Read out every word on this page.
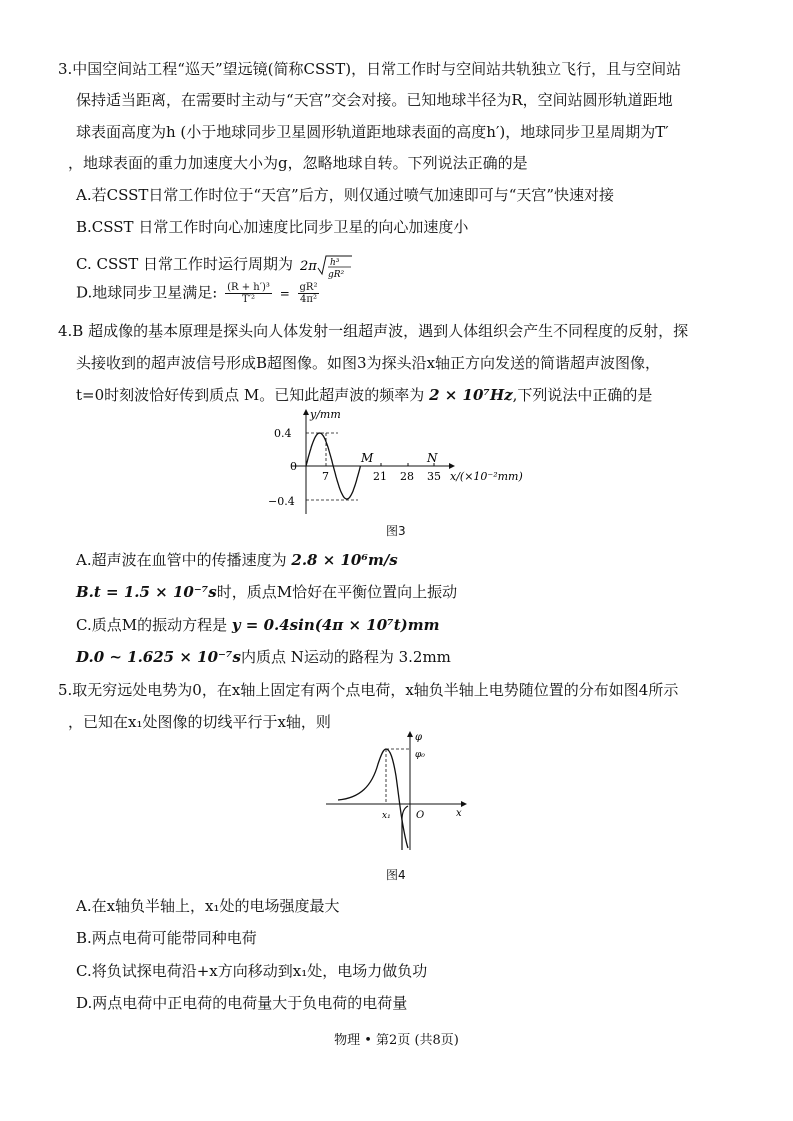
3.中国空间站工程“巡天”望远镜(简称CSST)，日常工作时与空间站共轨独立飞行，且与空间站
保持适当距离，在需要时主动与“天宫”交会对接。已知地球半径为R，空间站圆形轨道距地
球表面高度为h (小于地球同步卫星圆形轨道距地球表面的高度h′)，地球同步卫星周期为T′
，地球表面的重力加速度大小为g，忽略地球自转。下列说法正确的是
A.若CSST日常工作时位于“天宫”后方，则仅通过喷气加速即可与“天宫”快速对接
B.CSST 日常工作时向心加速度比同步卫星的向心加速度小
C. CSST 日常工作时运行周期为 2π h³
gR²
D.地球同步卫星满足: $\frac{\text{(R + h′)³}}{\text{T′²}} = \frac{\text{gR²}}{\text{4π²}}$
4.B 超成像的基本原理是探头向人体发射一组超声波，遇到人体组织会产生不同程度的反射，探
头接收到的超声波信号形成B超图像。如图3为探头沿x轴正方向发送的简谐超声波图像，
t=0时刻波恰好传到质点 M。已知此超声波的频率为 2 × 10⁷Hz,下列说法中正确的是
y/mm
0.4
0
−0.4
7	21 28 35
M	N
x/(×10⁻²mm)
图3
A.超声波在血管中的传播速度为 2.8 × 10⁶m/s
B.t = 1.5 × 10⁻⁷s时，质点M恰好在平衡位置向上振动
C.质点M的振动方程是 y = 0.4sin(4π × 10⁷t)mm
D.0 ~ 1.625 × 10⁻⁷s内质点 N运动的路程为 3.2mm
5.取无穷远处电势为0，在x轴上固定有两个点电荷，x轴负半轴上电势随位置的分布如图4所示
，已知在x₁处图像的切线平行于x轴，则
φ
φ₀
x
x₁	O
图4
A.在x轴负半轴上，x₁处的电场强度最大
B.两点电荷可能带同种电荷
C.将负试探电荷沿+x方向移动到x₁处，电场力做负功
D.两点电荷中正电荷的电荷量大于负电荷的电荷量
物理 • 第2页 (共8页)
